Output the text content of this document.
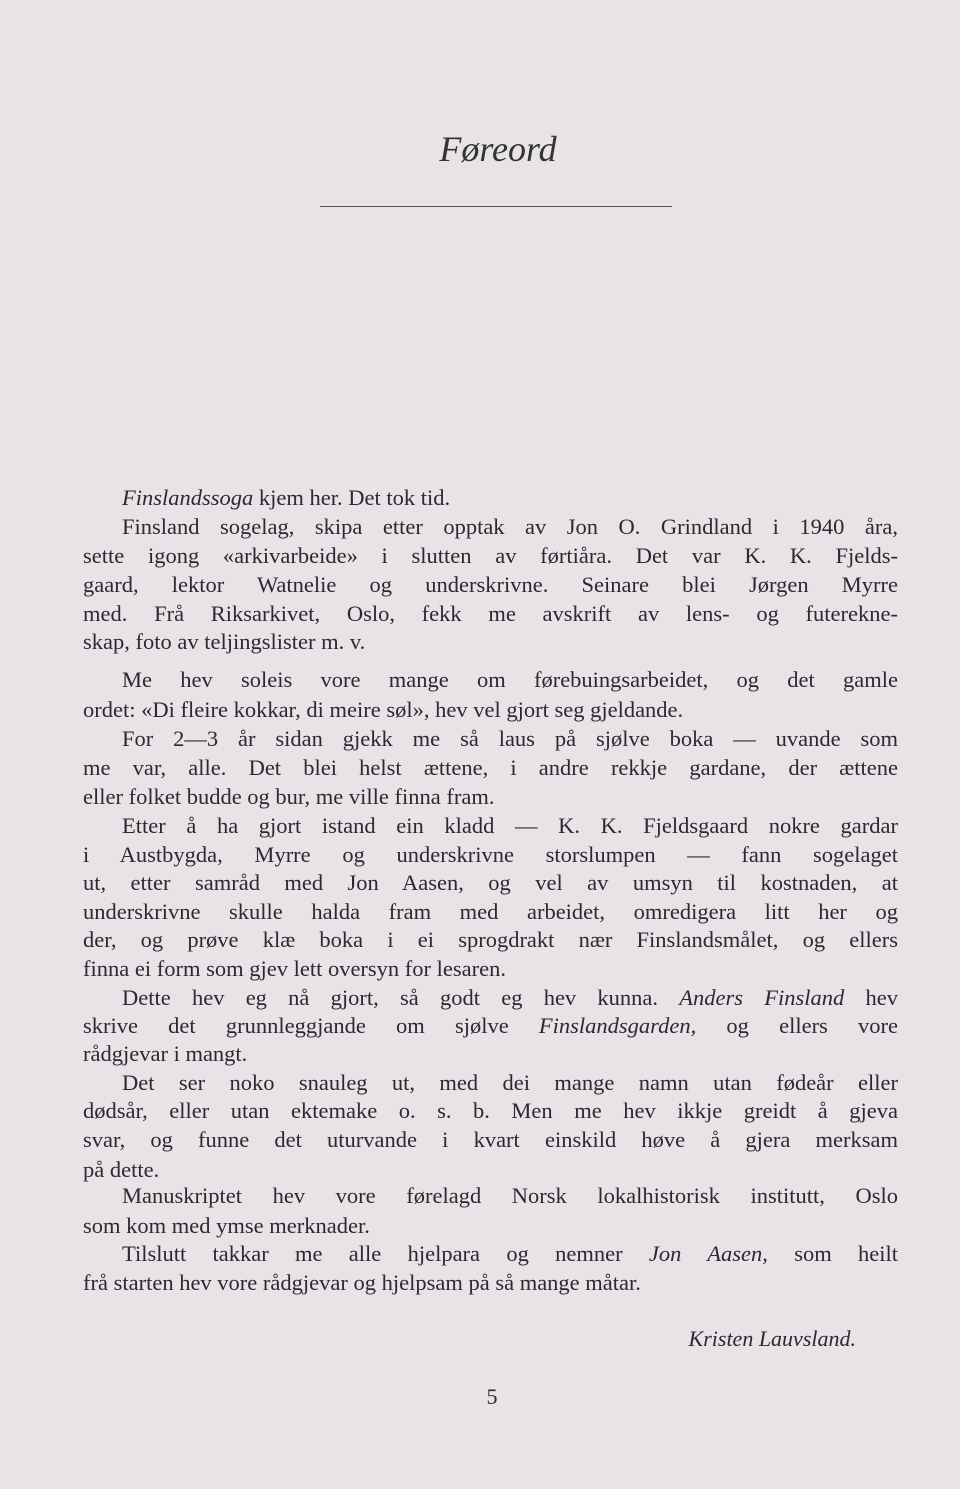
Føreord
Finslandssoga kjem her. Det tok tid.
Finsland sogelag, skipa etter opptak av Jon O. Grindland i 1940 åra,
sette igong «arkivarbeide» i slutten av førtiåra. Det var K. K. Fjelds-
gaard, lektor Watnelie og underskrivne. Seinare blei Jørgen Myrre
med. Frå Riksarkivet, Oslo, fekk me avskrift av lens- og futerekne-
skap, foto av teljingslister m. v.
Me hev soleis vore mange om førebuingsarbeidet, og det gamle
ordet: «Di fleire kokkar, di meire søl», hev vel gjort seg gjeldande.
For 2—3 år sidan gjekk me så laus på sjølve boka — uvande som
me var, alle. Det blei helst ættene, i andre rekkje gardane, der ættene
eller folket budde og bur, me ville finna fram.
Etter å ha gjort istand ein kladd — K. K. Fjeldsgaard nokre gardar
i Austbygda, Myrre og underskrivne storslumpen — fann sogelaget
ut, etter samråd med Jon Aasen, og vel av umsyn til kostnaden, at
underskrivne skulle halda fram med arbeidet, omredigera litt her og
der, og prøve klæ boka i ei sprogdrakt nær Finslandsmålet, og ellers
finna ei form som gjev lett oversyn for lesaren.
Dette hev eg nå gjort, så godt eg hev kunna. Anders Finsland hev
skrive det grunnleggjande om sjølve Finslandsgarden, og ellers vore
rådgjevar i mangt.
Det ser noko snauleg ut, med dei mange namn utan fødeår eller
dødsår, eller utan ektemake o. s. b. Men me hev ikkje greidt å gjeva
svar, og funne det uturvande i kvart einskild høve å gjera merksam
på dette.
Manuskriptet hev vore førelagd Norsk lokalhistorisk institutt, Oslo
som kom med ymse merknader.
Tilslutt takkar me alle hjelpara og nemner Jon Aasen, som heilt
frå starten hev vore rådgjevar og hjelpsam på så mange måtar.
Kristen Lauvsland.
5
